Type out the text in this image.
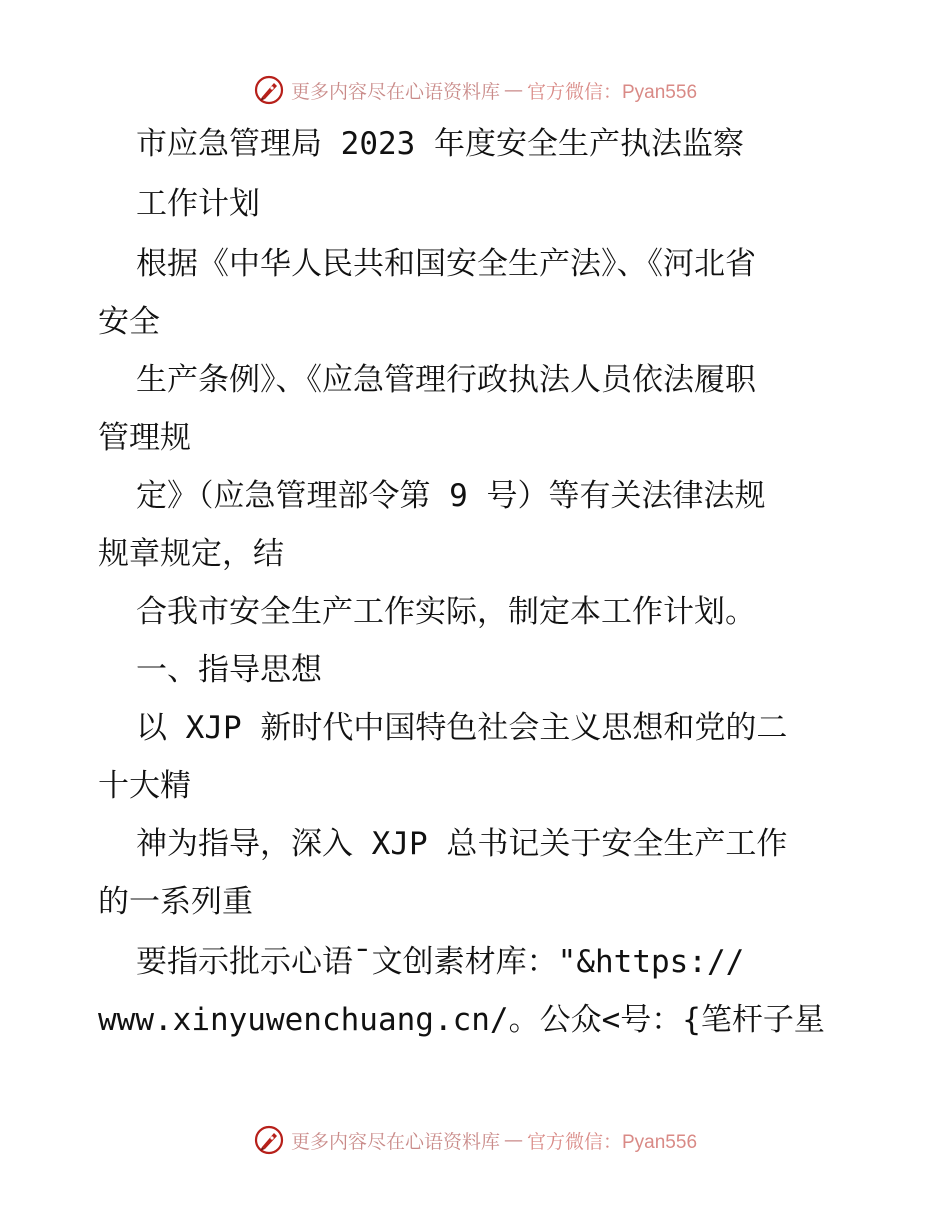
更多内容尽在心语资料库 — 官方微信：Pyan556
市应急管理局 2023 年度安全生产执法监察
工作计划
根据《中华人民共和国安全生产法》、《河北省
安全
生产条例》、《应急管理行政执法人员依法履职
管理规
定》（应急管理部令第 9 号）等有关法律法规
规章规定，结
合我市安全生产工作实际，制定本工作计划。
一、指导思想
以 XJP 新时代中国特色社会主义思想和党的二
十大精
神为指导，深入 XJP 总书记关于安全生产工作
的一系列重
要指示批示心语¯文创素材库："&https://
www.xinyuwenchuang.cn/。公众<号：{笔杆子星
更多内容尽在心语资料库 — 官方微信：Pyan556
